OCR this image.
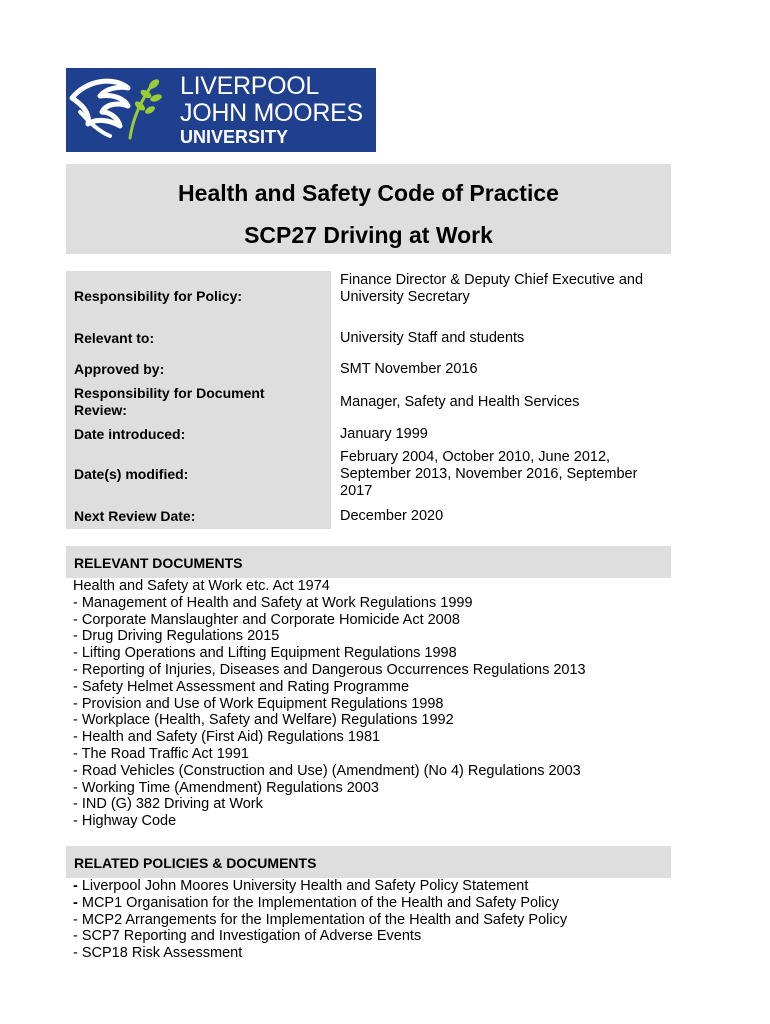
LIVERPOOL
JOHN MOORES
UNIVERSITY
Health and Safety Code of Practice
SCP27 Driving at Work
Responsibility for Policy:
Finance Director & Deputy Chief Executive and University Secretary
Relevant to:	University Staff and students
Approved by:	SMT November 2016
Responsibility for Document Review:	Manager, Safety and Health Services
Date introduced:	January 1999
Date(s) modified:
February 2004, October 2010, June 2012, September 2013, November 2016, September 2017
Next Review Date:	December 2020
RELEVANT DOCUMENTS
Health and Safety at Work etc. Act 1974
- Management of Health and Safety at Work Regulations 1999
- Corporate Manslaughter and Corporate Homicide Act 2008
- Drug Driving Regulations 2015
- Lifting Operations and Lifting Equipment Regulations 1998
- Reporting of Injuries, Diseases and Dangerous Occurrences Regulations 2013
- Safety Helmet Assessment and Rating Programme
- Provision and Use of Work Equipment Regulations 1998
- Workplace (Health, Safety and Welfare) Regulations 1992
- Health and Safety (First Aid) Regulations 1981
- The Road Traffic Act 1991
- Road Vehicles (Construction and Use) (Amendment) (No 4) Regulations 2003
- Working Time (Amendment) Regulations 2003
- IND (G) 382 Driving at Work
- Highway Code
RELATED POLICIES & DOCUMENTS
- Liverpool John Moores University Health and Safety Policy Statement
- MCP1 Organisation for the Implementation of the Health and Safety Policy
- MCP2 Arrangements for the Implementation of the Health and Safety Policy
- SCP7 Reporting and Investigation of Adverse Events
- SCP18 Risk Assessment
